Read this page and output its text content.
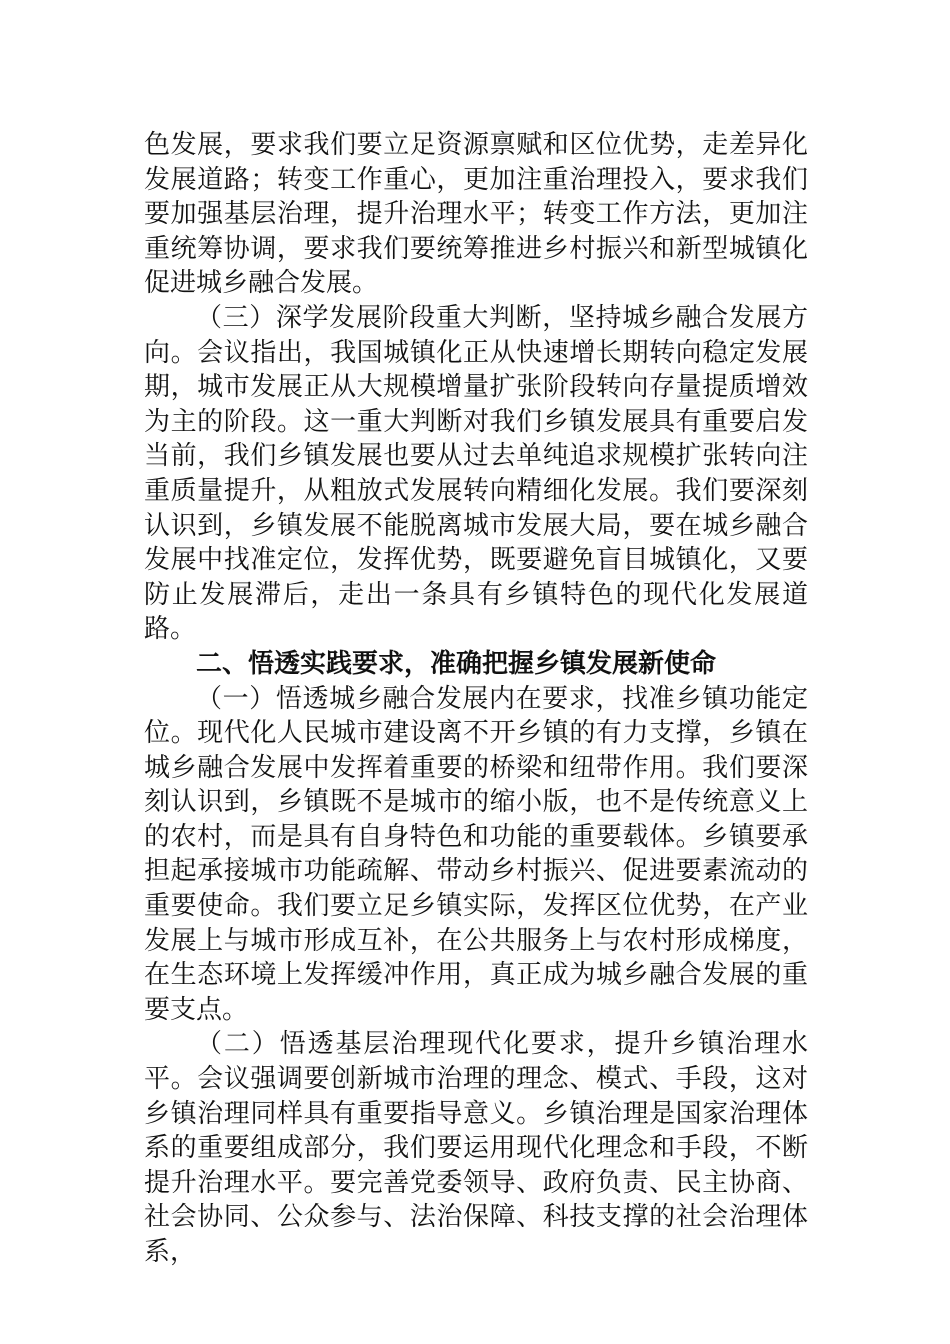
色发展，要求我们要立足资源禀赋和区位优势，走差异化发展道路；转变工作重心，更加注重治理投入，要求我们要加强基层治理，提升治理水平；转变工作方法，更加注重统筹协调，要求我们要统筹推进乡村振兴和新型城镇化促进城乡融合发展。

（三）深学发展阶段重大判断，坚持城乡融合发展方向。会议指出，我国城镇化正从快速增长期转向稳定发展期，城市发展正从大规模增量扩张阶段转向存量提质增效为主的阶段。这一重大判断对我们乡镇发展具有重要启发当前，我们乡镇发展也要从过去单纯追求规模扩张转向注重质量提升，从粗放式发展转向精细化发展。我们要深刻认识到，乡镇发展不能脱离城市发展大局，要在城乡融合发展中找准定位，发挥优势，既要避免盲目城镇化，又要防止发展滞后，走出一条具有乡镇特色的现代化发展道路。

二、悟透实践要求，准确把握乡镇发展新使命

（一）悟透城乡融合发展内在要求，找准乡镇功能定位。现代化人民城市建设离不开乡镇的有力支撑，乡镇在城乡融合发展中发挥着重要的桥梁和纽带作用。我们要深刻认识到，乡镇既不是城市的缩小版，也不是传统意义上的农村，而是具有自身特色和功能的重要载体。乡镇要承担起承接城市功能疏解、带动乡村振兴、促进要素流动的重要使命。我们要立足乡镇实际，发挥区位优势，在产业发展上与城市形成互补，在公共服务上与农村形成梯度，在生态环境上发挥缓冲作用，真正成为城乡融合发展的重要支点。

（二）悟透基层治理现代化要求，提升乡镇治理水平。会议强调要创新城市治理的理念、模式、手段，这对乡镇治理同样具有重要指导意义。乡镇治理是国家治理体系的重要组成部分，我们要运用现代化理念和手段，不断提升治理水平。要完善党委领导、政府负责、民主协商、社会协同、公众参与、法治保障、科技支撑的社会治理体系，
